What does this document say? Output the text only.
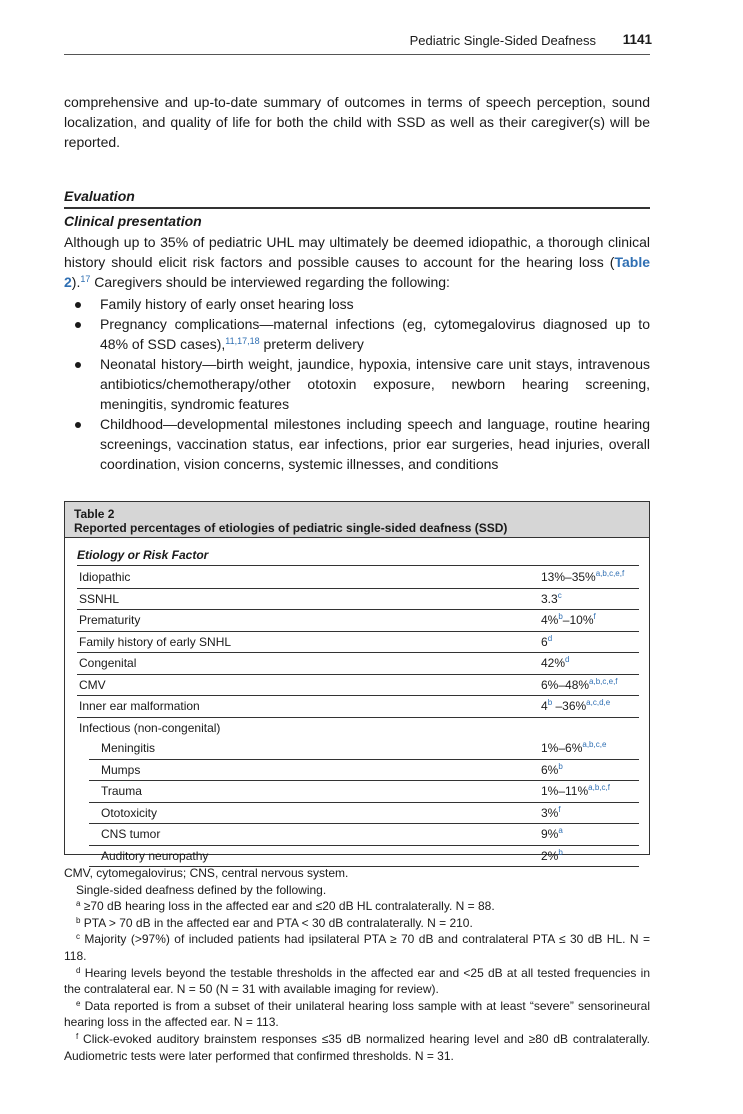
Pediatric Single-Sided Deafness 1141
comprehensive and up-to-date summary of outcomes in terms of speech perception, sound localization, and quality of life for both the child with SSD as well as their caregiver(s) will be reported.
Evaluation
Clinical presentation
Although up to 35% of pediatric UHL may ultimately be deemed idiopathic, a thorough clinical history should elicit risk factors and possible causes to account for the hearing loss (Table 2).$^{17}$ Caregivers should be interviewed regarding the following:
Family history of early onset hearing loss
Pregnancy complications—maternal infections (eg, cytomegalovirus diagnosed up to 48% of SSD cases),$^{11,17,18}$ preterm delivery
Neonatal history—birth weight, jaundice, hypoxia, intensive care unit stays, intravenous antibiotics/chemotherapy/other ototoxin exposure, newborn hearing screening, meningitis, syndromic features
Childhood—developmental milestones including speech and language, routine hearing screenings, vaccination status, ear infections, prior ear surgeries, head injuries, overall coordination, vision concerns, systemic illnesses, and conditions
Table 2
Reported percentages of etiologies of pediatric single-sided deafness (SSD)
Etiology or Risk Factor
Idiopathic	13%–35%$^{a,b,c,e,f}$
SSNHL	3.3$^c$
Prematurity	4%$^b$–10%$^f$
Family history of early SNHL	6$^d$
Congenital	42%$^d$
CMV	6%–48%$^{a,b,c,e,f}$
Inner ear malformation	4$^b$ –36%$^{a,c,d,e}$
Infectious (non-congenital)
Meningitis	1%–6%$^{a,b,c,e}$
Mumps	6%$^b$
Trauma	1%–11%$^{a,b,c,f}$
Ototoxicity	3%$^f$
CNS tumor	9%$^a$
Auditory neuropathy	2%$^b$

CMV, cytomegalovirus; CNS, central nervous system.

Single-sided deafness defined by the following.

$^a$ ≥70 dB hearing loss in the affected ear and ≤20 dB HL contralaterally. N = 88.

$^b$ PTA > 70 dB in the affected ear and PTA < 30 dB contralaterally. N = 210.

$^c$ Majority (>97%) of included patients had ipsilateral PTA ≥ 70 dB and contralateral PTA ≤ 30 dB HL. N = 118.

$^d$ Hearing levels beyond the testable thresholds in the affected ear and <25 dB at all tested frequencies in the contralateral ear. N = 50 (N = 31 with available imaging for review).

$^e$ Data reported is from a subset of their unilateral hearing loss sample with at least “severe” sensorineural hearing loss in the affected ear. N = 113.

$^f$ Click-evoked auditory brainstem responses ≤35 dB normalized hearing level and ≥80 dB contralaterally. Audiometric tests were later performed that confirmed thresholds. N = 31.
